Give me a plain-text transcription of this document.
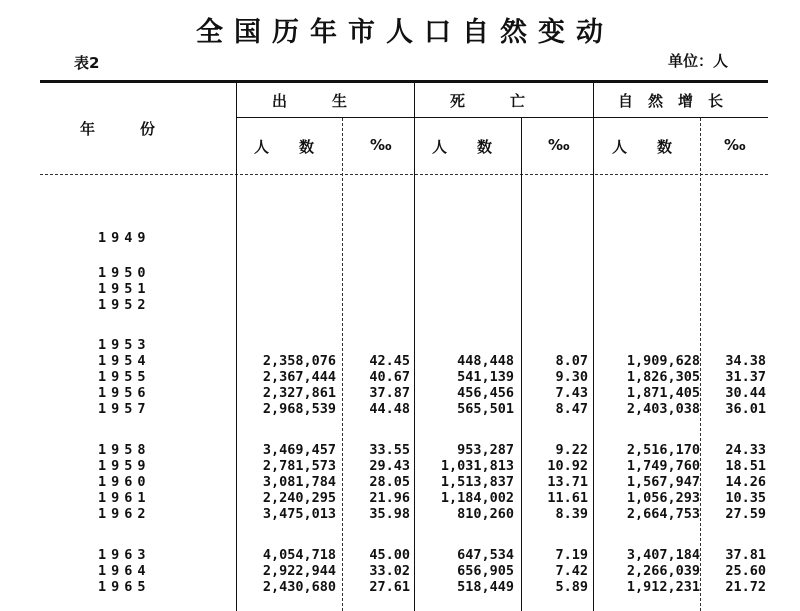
全国历年市人口自然变动
表2	单位：人
年　　　份
出　　　生	死　　　亡	自　然　增　长
人　　数	‰	人　　数	‰	人　　数	‰
1949
1950
1951
1952
1953
1954	2,358,076	42.45	448,448	8.07	1,909,628	34.38
1955	2,367,444	40.67	541,139	9.30	1,826,305	31.37
1956	2,327,861	37.87	456,456	7.43	1,871,405	30.44
1957	2,968,539	44.48	565,501	8.47	2,403,038	36.01
1958	3,469,457	33.55	953,287	9.22	2,516,170	24.33
1959	2,781,573	29.43	1,031,813	10.92	1,749,760	18.51
1960	3,081,784	28.05	1,513,837	13.71	1,567,947	14.26
1961	2,240,295	21.96	1,184,002	11.61	1,056,293	10.35
1962	3,475,013	35.98	810,260	8.39	2,664,753	27.59
1963	4,054,718	45.00	647,534	7.19	3,407,184	37.81
1964	2,922,944	33.02	656,905	7.42	2,266,039	25.60
1965	2,430,680	27.61	518,449	5.89	1,912,231	21.72
